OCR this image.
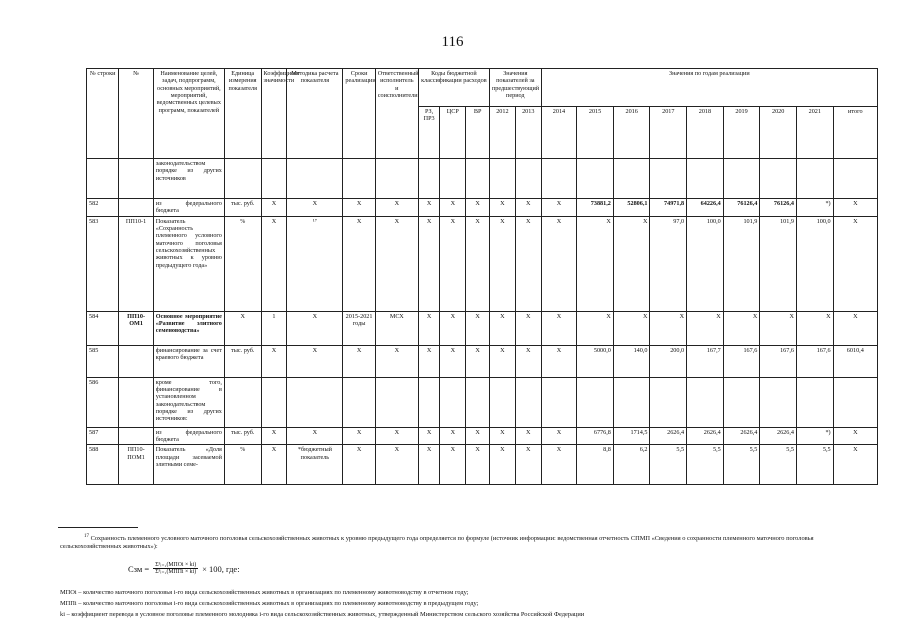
116
№ строки	№	Наименование целей, задач, подпрограмм, основных мероприятий, мероприятий, ведомственных целевых программ, показателей	Единица измерения показателя	Коэффициент значимости	Методика расчета показателя	Сроки реализации	Ответственный исполнитель и соисполнители	Коды бюджетной классификации расходов			Значения показателей за предшествующий период		Значения по годам реализации								
								РЗ, ПР3	ЦСР	ВР	2012	2013	2014	2015	2016	2017	2018	2019	2020	2021	итого
		законодательством порядке из других источников																			
582		из федерального бюджета	тыс. руб.	X	X	X	X	X	X	X	X	X	X	73881,2	52806,1	74971,8	64226,4	76126,4	76126,4	*)	X
583	ПП10-1	Показатель «Сохранность племенного условного маточного поголовья сельскохозяйственных животных к уровню предыдущего года»	%	X	¹⁷	X	X	X	X	X	X	X	X	X	X	97,0	100,0	101,9	101,9	100,0	X
584	ПП10-ОМ1	Основное мероприятие «Развитие элитного семеноводства»	X	1	X	2015-2021 годы	МСХ	X	X	X	X	X	X	X	X	X	X	X	X	X	X
585		финансирование за счет краевого бюджета	тыс. руб.	X	X	X	X	X	X	X	X	X	X	5000,0	140,0	200,0	167,7	167,6	167,6	167,6	6010,4
586		кроме того, финансирование в установленном законодательством порядке из других источников:																			
587		из федерального бюджета	тыс. руб.	X	X	X	X	X	X	X	X	X	X	6776,8	1714,5	2626,4	2626,4	2626,4	2626,4	*)	X
588	ПП10-ПОМ1	Показатель «Доля площади засеваемой элитными семе-	%	X	*бюджетный показатель	X	X	X	X	X	X	X	X	8,8	6,2	5,5	5,5	5,5	5,5	5,5	X
$^{17}$ Сохранность племенного условного маточного поголовья сельскохозяйственных животных к уровню предыдущего года определяется по формуле (источник информации: ведомственная отчетность СПМП «Сведения о сохранности племенного маточного поголовья сельскохозяйственных животных»):
Сзм = $\frac{\text{Σⁿᵢ₌₁(МПОi × ki)}}{\text{Σⁿᵢ₌₁(МППi × ki)}} \times 100$, где:
МПОi – количество маточного поголовья i-го вида сельскохозяйственных животных в организациях по племенному животноводству в отчетном году;
МППi – количество маточного поголовья i-го вида сельскохозяйственных животных в организациях по племенному животноводству в предыдущем году;
ki – коэффициент перевода в условное поголовье племенного молодняка i-го вида сельскохозяйственных животных, утвержденный Министерством сельского хозяйства Российской Федерации
